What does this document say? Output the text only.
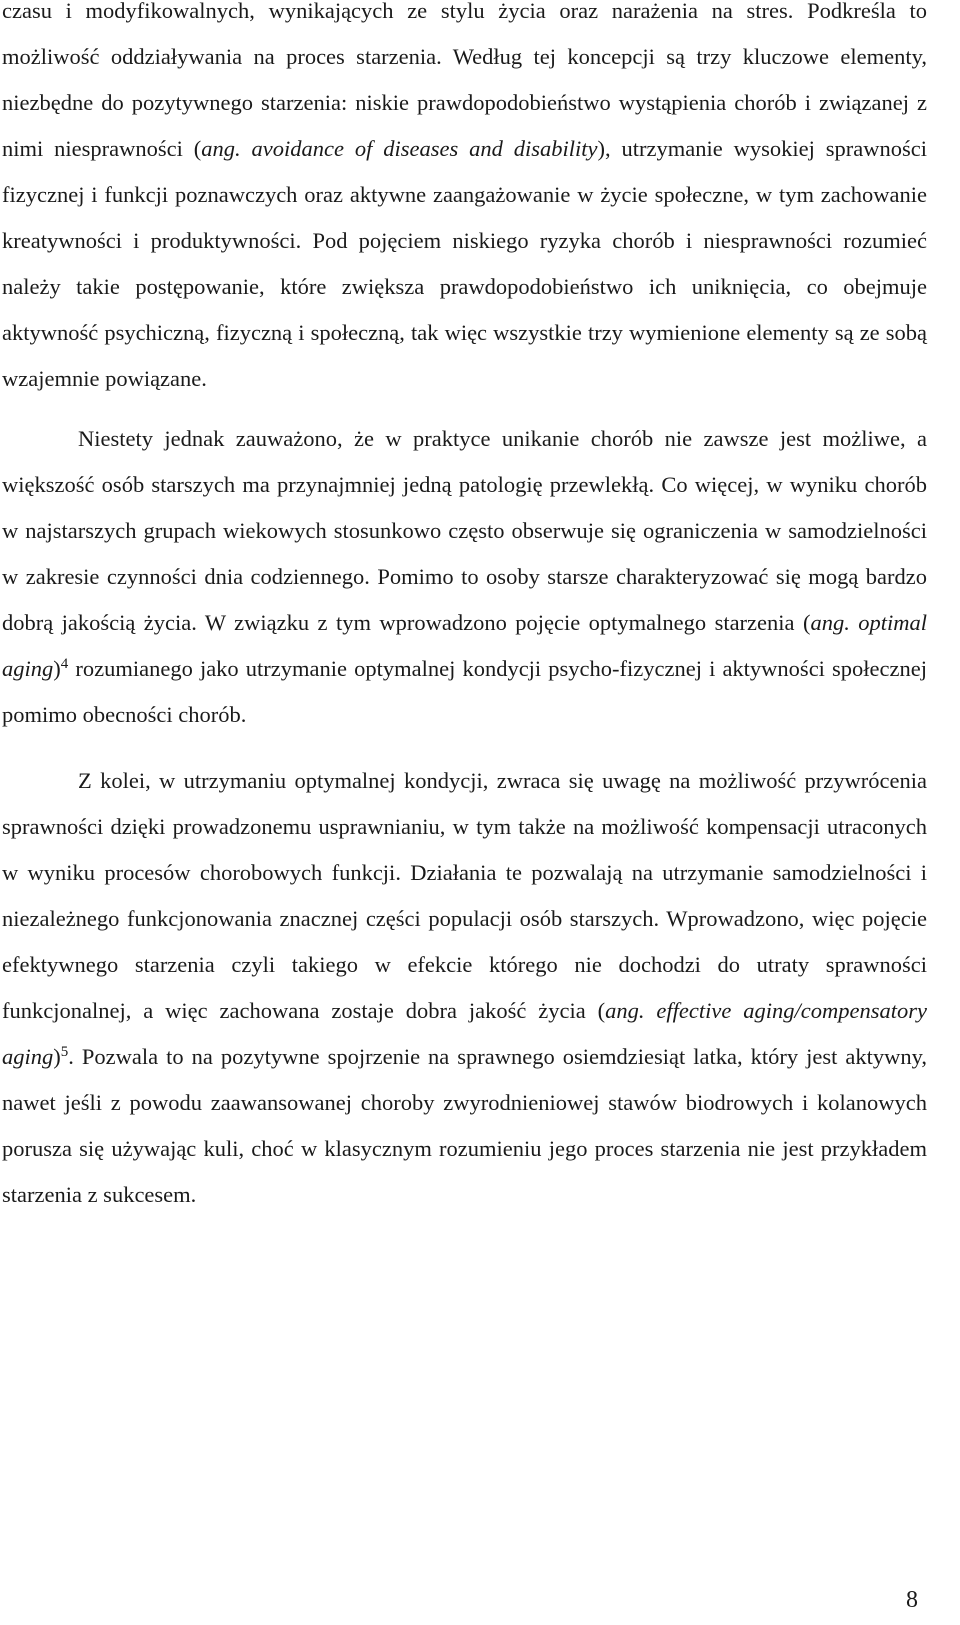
czasu i modyfikowalnych, wynikających ze stylu życia oraz narażenia na stres. Podkreśla to możliwość oddziaływania na proces starzenia. Według tej koncepcji są trzy kluczowe elementy, niezbędne do pozytywnego starzenia: niskie prawdopodobieństwo wystąpienia chorób i związanej z nimi niesprawności (ang. avoidance of diseases and disability), utrzymanie wysokiej sprawności fizycznej i funkcji poznawczych oraz aktywne zaangażowanie w życie społeczne, w tym zachowanie kreatywności i produktywności. Pod pojęciem niskiego ryzyka chorób i niesprawności rozumieć należy takie postępowanie, które zwiększa prawdopodobieństwo ich uniknięcia, co obejmuje aktywność psychiczną, fizyczną i społeczną, tak więc wszystkie trzy wymienione elementy są ze sobą wzajemnie powiązane.

Niestety jednak zauważono, że w praktyce unikanie chorób nie zawsze jest możliwe, a większość osób starszych ma przynajmniej jedną patologię przewlekłą. Co więcej, w wyniku chorób w najstarszych grupach wiekowych stosunkowo często obserwuje się ograniczenia w samodzielności w zakresie czynności dnia codziennego. Pomimo to osoby starsze charakteryzować się mogą bardzo dobrą jakością życia. W związku z tym wprowadzono pojęcie optymalnego starzenia (ang. optimal aging)$^4$ rozumianego jako utrzymanie optymalnej kondycji psycho-fizycznej i aktywności społecznej pomimo obecności chorób.

Z kolei, w utrzymaniu optymalnej kondycji, zwraca się uwagę na możliwość przywrócenia sprawności dzięki prowadzonemu usprawnianiu, w tym także na możliwość kompensacji utraconych w wyniku procesów chorobowych funkcji. Działania te pozwalają na utrzymanie samodzielności i niezależnego funkcjonowania znacznej części populacji osób starszych. Wprowadzono, więc pojęcie efektywnego starzenia czyli takiego w efekcie którego nie dochodzi do utraty sprawności funkcjonalnej, a więc zachowana zostaje dobra jakość życia (ang. effective aging/compensatory aging)$^5$. Pozwala to na pozytywne spojrzenie na sprawnego osiemdziesiąt latka, który jest aktywny, nawet jeśli z powodu zaawansowanej choroby zwyrodnieniowej stawów biodrowych i kolanowych porusza się używając kuli, choć w klasycznym rozumieniu jego proces starzenia nie jest przykładem starzenia z sukcesem.

8
